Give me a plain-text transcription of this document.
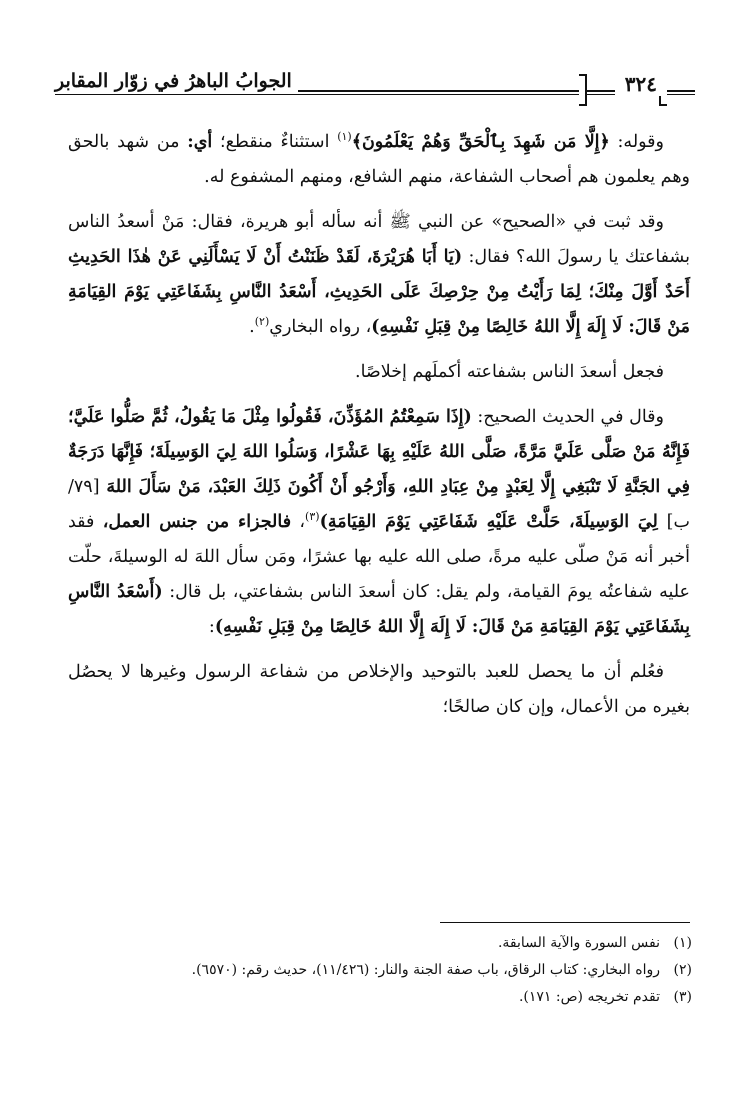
٣٢٤
الجوابُ الباهرُ في زوّار المقابر

وقوله: ﴿إِلَّا مَن شَهِدَ بِٱلْحَقِّ وَهُمْ يَعْلَمُونَ﴾$^{(١)}$ استثناءٌ منقطع؛ أي: من شهد بالحق وهم يعلمون هم أصحاب الشفاعة، منهم الشافع، ومنهم المشفوع له.

وقد ثبت في «الصحيح» عن النبي ﷺ أنه سأله أبو هريرة، فقال: مَنْ أسعدُ الناس بشفاعتك يا رسولَ الله؟ فقال: (يَا أَبَا هُرَيْرَةَ، لَقَدْ ظَنَنْتُ أَنْ لَا يَسْأَلَنِي عَنْ هٰذَا الحَدِيثِ أَحَدٌ أَوَّلَ مِنْكَ؛ لِمَا رَأَيْتُ مِنْ حِرْصِكَ عَلَى الحَدِيثِ، أَسْعَدُ النَّاسِ بِشَفَاعَتِي يَوْمَ القِيَامَةِ مَنْ قَالَ: لَا إِلَهَ إِلَّا اللهُ خَالِصًا مِنْ قِبَلِ نَفْسِهِ)، رواه البخاري$^{(٢)}$.

فجعل أسعدَ الناس بشفاعته أكملَهم إخلاصًا.

وقال في الحديث الصحيح: (إِذَا سَمِعْتُمُ المُؤَذِّنَ، فَقُولُوا مِثْلَ مَا يَقُولُ، ثُمَّ صَلُّوا عَلَيَّ؛ فَإِنَّهُ مَنْ صَلَّى عَلَيَّ مَرَّةً، صَلَّى اللهُ عَلَيْهِ بِهَا عَشْرًا، وَسَلُوا اللهَ لِيَ الوَسِيلَةَ؛ فَإِنَّهَا دَرَجَةٌ فِي الجَنَّةِ لَا تَنْبَغِي إِلَّا لِعَبْدٍ مِنْ عِبَادِ اللهِ، وَأَرْجُو أَنْ أَكُونَ ذَلِكَ العَبْدَ، مَنْ سَأَلَ اللهَ [٧٩/ب] لِيَ الوَسِيلَةَ، حَلَّتْ عَلَيْهِ شَفَاعَتِي يَوْمَ القِيَامَةِ)$^{(٣)}$، فالجزاء من جنس العمل، فقد أخبر أنه مَنْ صلّى عليه مرةً، صلى الله عليه بها عشرًا، ومَن سأل اللهَ له الوسيلةَ، حلّت عليه شفاعتُه يومَ القيامة، ولم يقل: كان أسعدَ الناس بشفاعتي، بل قال: (أَسْعَدُ النَّاسِ بِشَفَاعَتِي يَوْمَ القِيَامَةِ مَنْ قَالَ: لَا إِلَهَ إِلَّا اللهُ خَالِصًا مِنْ قِبَلِ نَفْسِهِ):

فعُلم أن ما يحصل للعبد بالتوحيد والإخلاص من شفاعة الرسول وغيرها لا يحصُل بغيره من الأعمال، وإن كان صالحًا؛

(١)
نفس السورة والآية السابقة.
(٢)
رواه البخاري: كتاب الرقاق، باب صفة الجنة والنار: (١١/٤٢٦)، حديث رقم: (٦٥٧٠).
(٣)
تقدم تخريجه (ص: ١٧١).
